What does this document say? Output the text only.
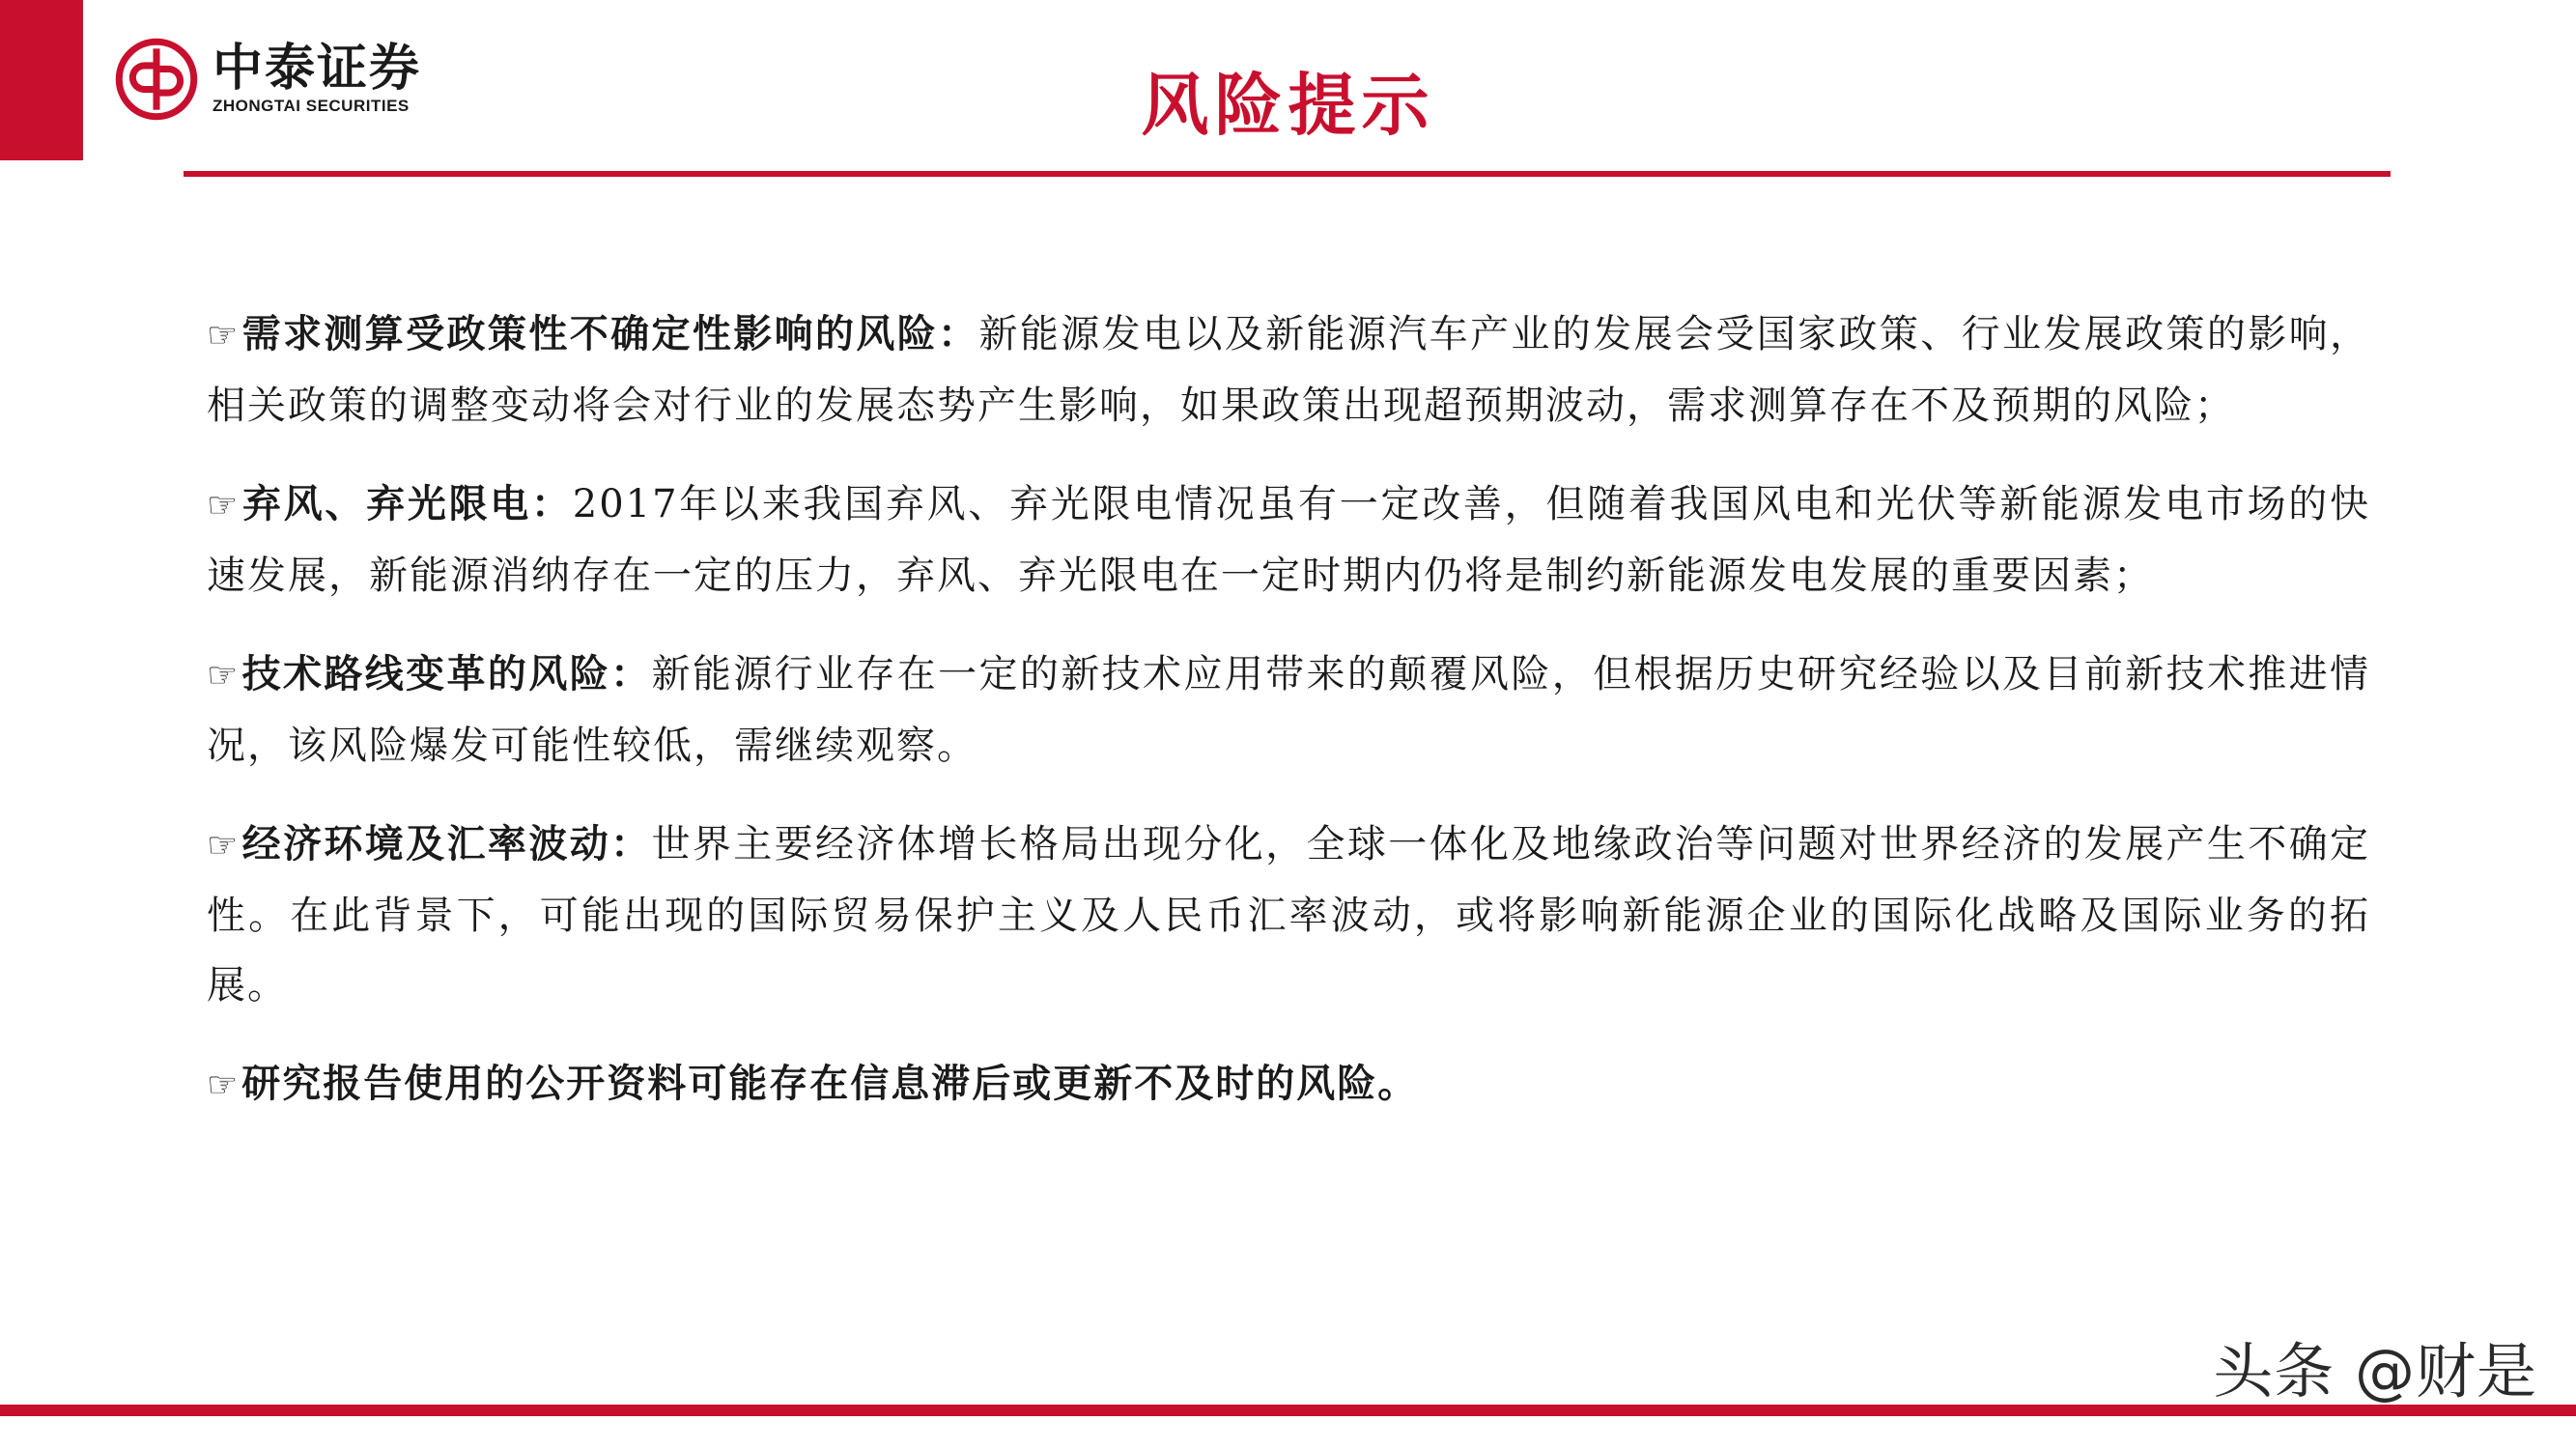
中泰证券
ZHONGTAI SECURITIES	风险提示
☞需求测算受政策性不确定性影响的风险：新能源发电以及新能源汽车产业的发展会受国家政策、行业发展政策的影响，相关政策的调整变动将会对行业的发展态势产生影响，如果政策出现超预期波动，需求测算存在不及预期的风险；
☞弃风、弃光限电：2017年以来我国弃风、弃光限电情况虽有一定改善，但随着我国风电和光伏等新能源发电市场的快速发展，新能源消纳存在一定的压力，弃风、弃光限电在一定时期内仍将是制约新能源发电发展的重要因素；
☞技术路线变革的风险：新能源行业存在一定的新技术应用带来的颠覆风险，但根据历史研究经验以及目前新技术推进情况，该风险爆发可能性较低，需继续观察。
☞经济环境及汇率波动：世界主要经济体增长格局出现分化，全球一体化及地缘政治等问题对世界经济的发展产生不确定性。在此背景下，可能出现的国际贸易保护主义及人民币汇率波动，或将影响新能源企业的国际化战略及国际业务的拓展。
☞研究报告使用的公开资料可能存在信息滞后或更新不及时的风险。
头条 @财是
